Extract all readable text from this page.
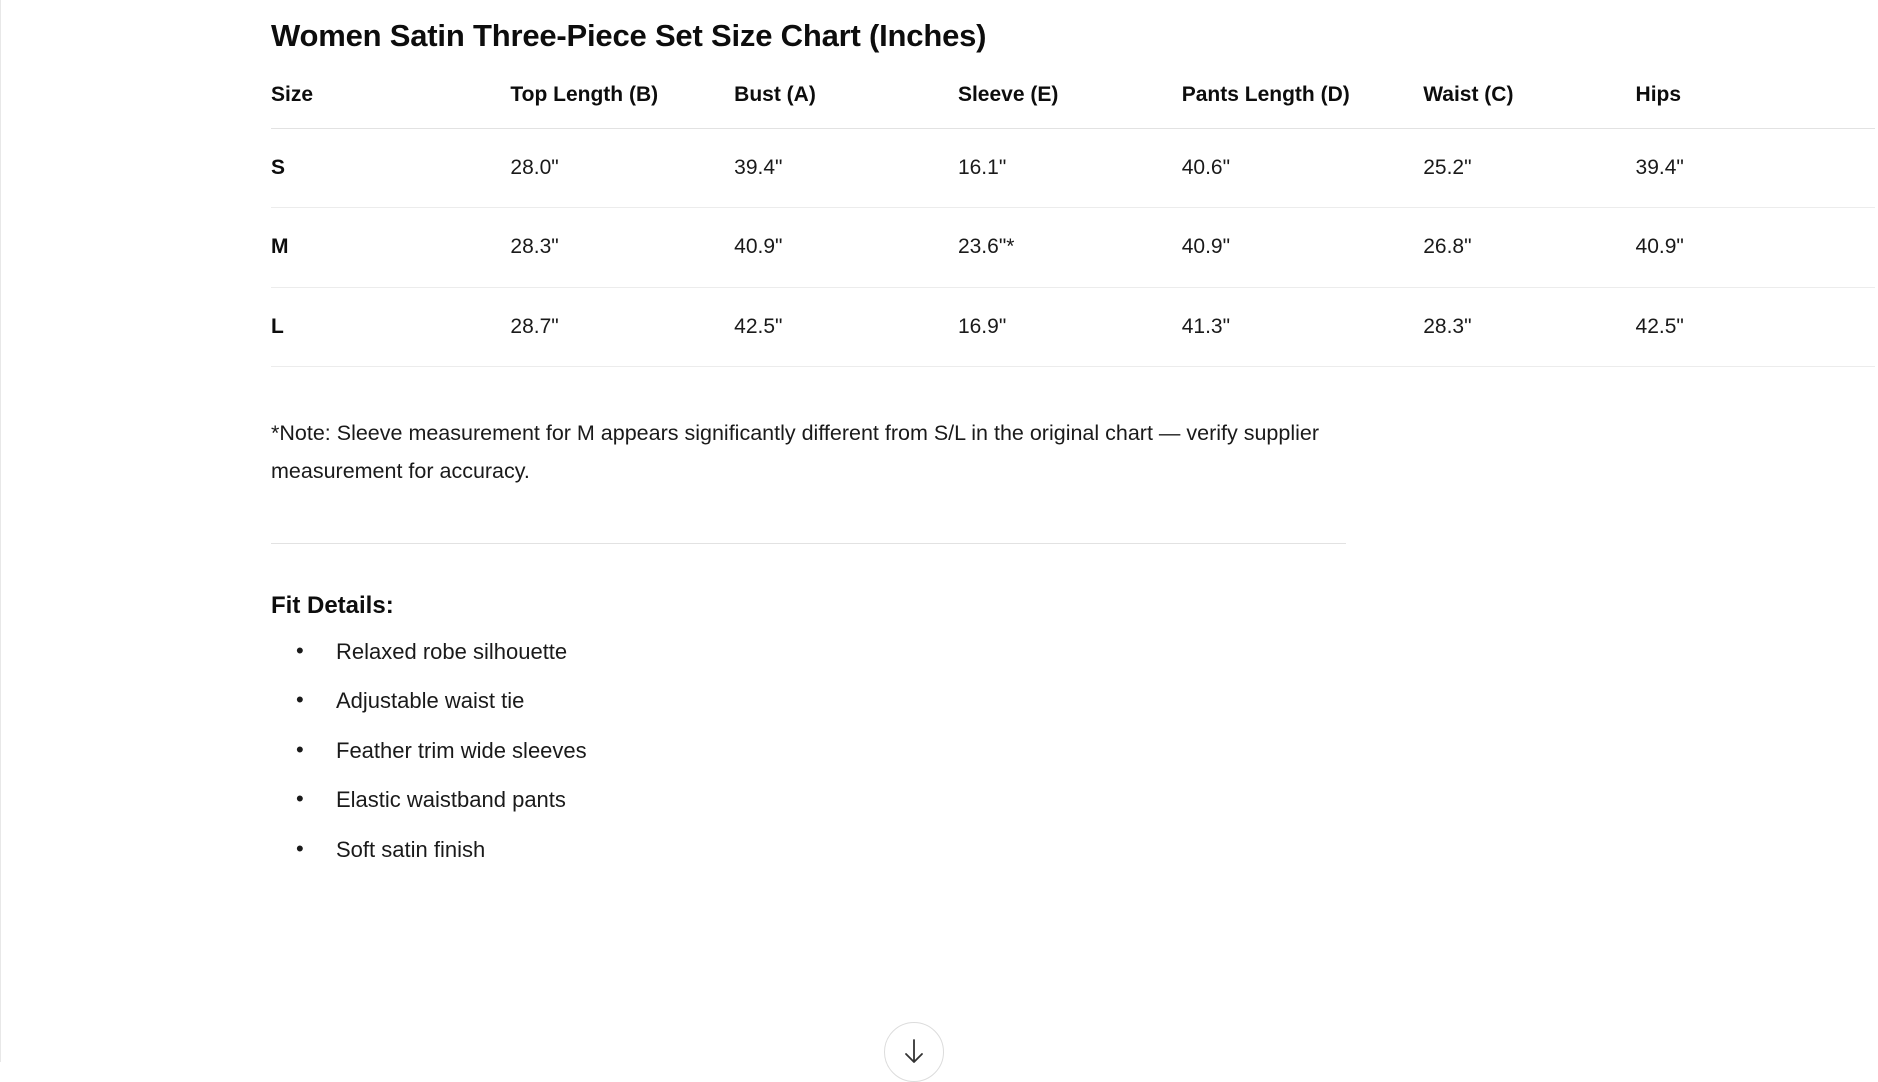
Women Satin Three-Piece Set Size Chart (Inches)
Size	Top Length (B)	Bust (A)	Sleeve (E)	Pants Length (D)	Waist (C)	Hips
S	28.0"	39.4"	16.1"	40.6"	25.2"	39.4"
M	28.3"	40.9"	23.6"*	40.9"	26.8"	40.9"
L	28.7"	42.5"	16.9"	41.3"	28.3"	42.5"

*Note: Sleeve measurement for M appears significantly different from S/L in the original chart — verify supplier measurement for accuracy.

Fit Details:
• Relaxed robe silhouette
• Adjustable waist tie
• Feather trim wide sleeves
• Elastic waistband pants
• Soft satin finish
